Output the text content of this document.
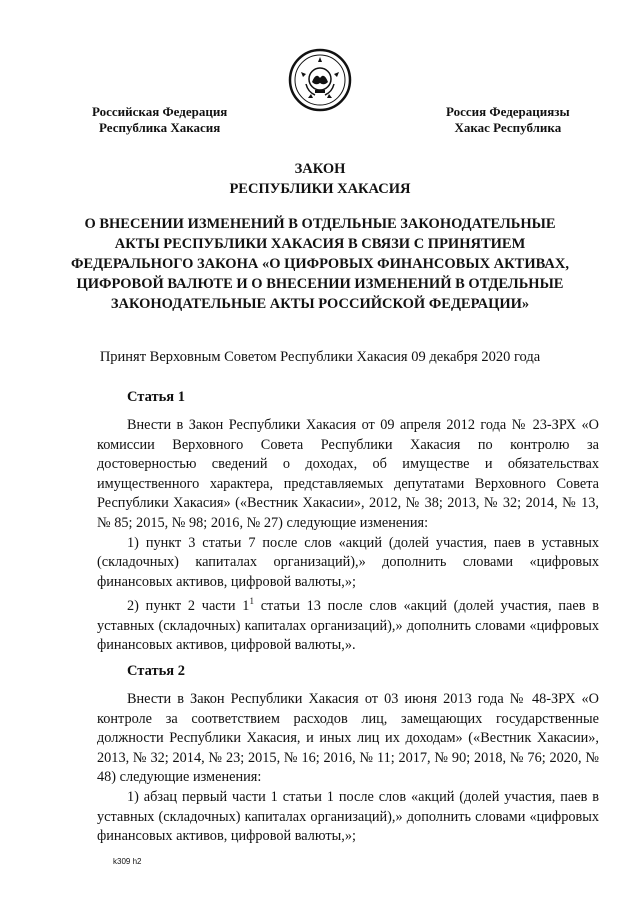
Российская Федерация
Республика Хакасия
Россия Федерациязы
Хакас Республика
ЗАКОН
РЕСПУБЛИКИ ХАКАСИЯ
О ВНЕСЕНИИ ИЗМЕНЕНИЙ В ОТДЕЛЬНЫЕ ЗАКОНОДАТЕЛЬНЫЕ АКТЫ РЕСПУБЛИКИ ХАКАСИЯ В СВЯЗИ С ПРИНЯТИЕМ ФЕДЕРАЛЬНОГО ЗАКОНА «О ЦИФРОВЫХ ФИНАНСОВЫХ АКТИВАХ, ЦИФРОВОЙ ВАЛЮТЕ И О ВНЕСЕНИИ ИЗМЕНЕНИЙ В ОТДЕЛЬНЫЕ ЗАКОНОДАТЕЛЬНЫЕ АКТЫ РОССИЙСКОЙ ФЕДЕРАЦИИ»
Принят Верховным Советом Республики Хакасия 09 декабря 2020 года
Статья 1

Внести в Закон Республики Хакасия от 09 апреля 2012 года № 23-ЗРХ «О комиссии Верховного Совета Республики Хакасия по контролю за достоверностью сведений о доходах, об имуществе и обязательствах имущественного характера, представляемых депутатами Верховного Совета Республики Хакасия» («Вестник Хакасии», 2012, № 38; 2013, № 32; 2014, № 13, № 85; 2015, № 98; 2016, № 27) следующие изменения:

1) пункт 3 статьи 7 после слов «акций (долей участия, паев в уставных (складочных) капиталах организаций),» дополнить словами «цифровых финансовых активов, цифровой валюты,»;

2) пункт 2 части $1^1$ статьи 13 после слов «акций (долей участия, паев в уставных (складочных) капиталах организаций),» дополнить словами «цифровых финансовых активов, цифровой валюты,».

Статья 2

Внести в Закон Республики Хакасия от 03 июня 2013 года № 48-ЗРХ «О контроле за соответствием расходов лиц, замещающих государственные должности Республики Хакасия, и иных лиц их доходам» («Вестник Хакасии», 2013, № 32; 2014, № 23; 2015, № 16; 2016, № 11; 2017, № 90; 2018, № 76; 2020, № 48) следующие изменения:

1) абзац первый части 1 статьи 1 после слов «акций (долей участия, паев в уставных (складочных) капиталах организаций),» дополнить словами «цифровых финансовых активов, цифровой валюты,»;

k309 h2
